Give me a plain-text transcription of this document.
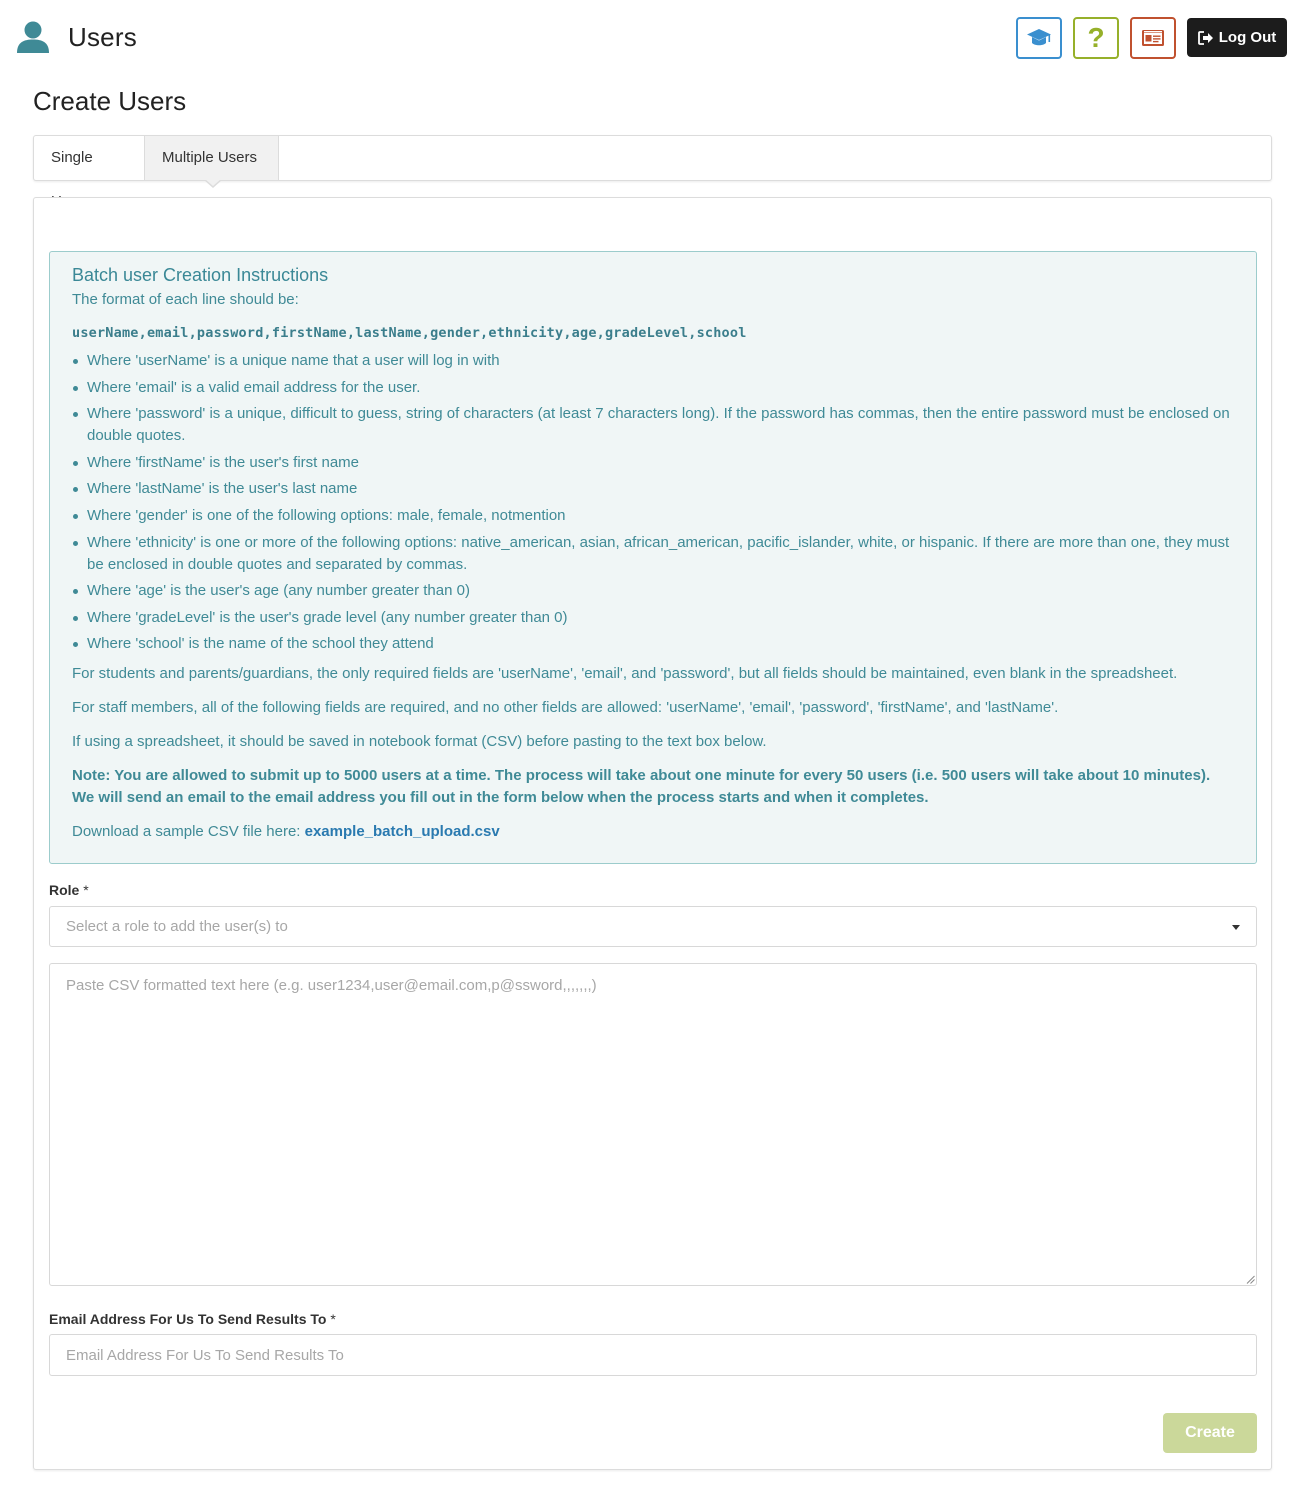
Users	?	Log Out
Create Users
Single	Multiple Users
Batch user Creation Instructions

The format of each line should be:

userName,email,password,firstName,lastName,gender,ethnicity,age,gradeLevel,school
Where 'userName' is a unique name that a user will log in with
Where 'email' is a valid email address for the user.
Where 'password' is a unique, difficult to guess, string of characters (at least 7 characters long). If the password has commas, then the entire password must be enclosed on double quotes.
Where 'firstName' is the user's first name
Where 'lastName' is the user's last name
Where 'gender' is one of the following options: male, female, notmention
Where 'ethnicity' is one or more of the following options: native_american, asian, african_american, pacific_islander, white, or hispanic. If there are more than one, they must be enclosed in double quotes and separated by commas.
Where 'age' is the user's age (any number greater than 0)
Where 'gradeLevel' is the user's grade level (any number greater than 0)
Where 'school' is the name of the school they attend

For students and parents/guardians, the only required fields are 'userName', 'email', and 'password', but all fields should be maintained, even blank in the spreadsheet.

For staff members, all of the following fields are required, and no other fields are allowed: 'userName', 'email', 'password', 'firstName', and 'lastName'.

If using a spreadsheet, it should be saved in notebook format (CSV) before pasting to the text box below.

Note: You are allowed to submit up to 5000 users at a time. The process will take about one minute for every 50 users (i.e. 500 users will take about 10 minutes). We will send an email to the email address you fill out in the form below when the process starts and when it completes.

Download a sample CSV file here: example_batch_upload.csv

Role *
Select a role to add the user(s) to
Paste CSV formatted text here (e.g. user1234,user@email.com,p@ssword,,,,,,,)
Email Address For Us To Send Results To *
Email Address For Us To Send Results To
Create
